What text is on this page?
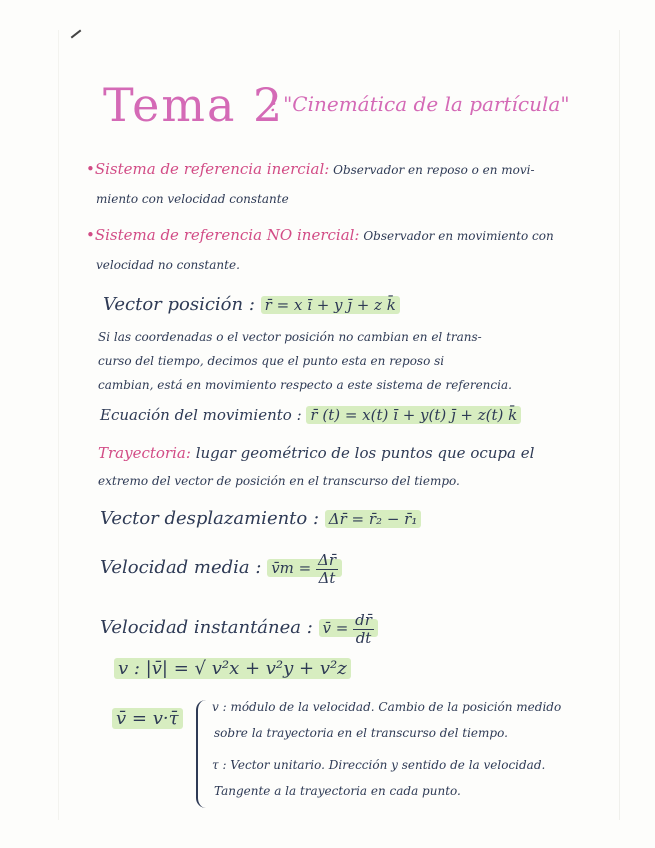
Tema 2
: "Cinemática de la partícula"
•Sistema de referencia inercial: Observador en reposo o en movi-
miento con velocidad constante
•Sistema de referencia NO inercial: Observador en movimiento con
velocidad no constante.
Vector posición : r̄ = x ī + y j̄ + z k̄
Si las coordenadas o el vector posición no cambian en el trans-
curso del tiempo, decimos que el punto esta en reposo si
cambian, está en movimiento respecto a este sistema de referencia.
Ecuación del movimiento : r̄ (t) = x(t) ī + y(t) j̄ + z(t) k̄
Trayectoria: lugar geométrico de los puntos que ocupa el
extremo del vector de posición en el transcurso del tiempo.
Vector desplazamiento : Δr̄ = r̄₂ − r̄₁
Velocidad media : v̄m = $\frac{\Delta r̄}{\Delta t}$
Velocidad instantánea : v̄ = $\frac{dr̄}{dt}$
v : |v̄| = √ v²x + v²y + v²z
v̄ = v·τ̄
v : módulo de la velocidad. Cambio de la posición medido
sobre la trayectoria en el transcurso del tiempo.
τ : Vector unitario. Dirección y sentido de la velocidad.
Tangente a la trayectoria en cada punto.
